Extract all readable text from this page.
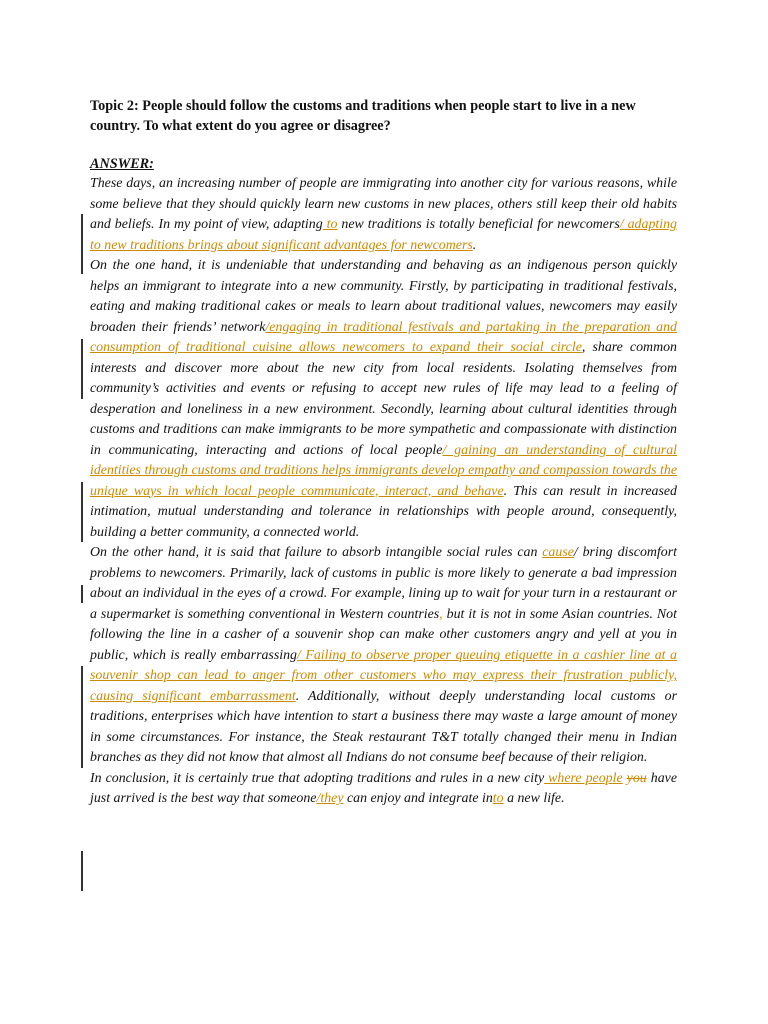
Topic 2: People should follow the customs and traditions when people start to live in a new country. To what extent do you agree or disagree?

ANSWER:

These days, an increasing number of people are immigrating into another city for various reasons, while some believe that they should quickly learn new customs in new places, others still keep their old habits and beliefs. In my point of view, adapting to new traditions is totally beneficial for newcomers/ adapting to new traditions brings about significant advantages for newcomers.

On the one hand, it is undeniable that understanding and behaving as an indigenous person quickly helps an immigrant to integrate into a new community. Firstly, by participating in traditional festivals, eating and making traditional cakes or meals to learn about traditional values, newcomers may easily broaden their friends’ network/engaging in traditional festivals and partaking in the preparation and consumption of traditional cuisine allows newcomers to expand their social circle, share common interests and discover more about the new city from local residents. Isolating themselves from community’s activities and events or refusing to accept new rules of life may lead to a feeling of desperation and loneliness in a new environment. Secondly, learning about cultural identities through customs and traditions can make immigrants to be more sympathetic and compassionate with distinction in communicating, interacting and actions of local people/ gaining an understanding of cultural identities through customs and traditions helps immigrants develop empathy and compassion towards the unique ways in which local people communicate, interact, and behave. This can result in increased intimation, mutual understanding and tolerance in relationships with people around, consequently, building a better community, a connected world.

On the other hand, it is said that failure to absorb intangible social rules can cause/ bring discomfort problems to newcomers. Primarily, lack of customs in public is more likely to generate a bad impression about an individual in the eyes of a crowd. For example, lining up to wait for your turn in a restaurant or a supermarket is something conventional in Western countries, but it is not in some Asian countries. Not following the line in a casher of a souvenir shop can make other customers angry and yell at you in public, which is really embarrassing/ Failing to observe proper queuing etiquette in a cashier line at a souvenir shop can lead to anger from other customers who may express their frustration publicly, causing significant embarrassment. Additionally, without deeply understanding local customs or traditions, enterprises which have intention to start a business there may waste a large amount of money in some circumstances. For instance, the Steak restaurant T&T totally changed their menu in Indian branches as they did not know that almost all Indians do not consume beef because of their religion.

In conclusion, it is certainly true that adopting traditions and rules in a new city where people you have just arrived is the best way that someone/they can enjoy and integrate into a new life.
